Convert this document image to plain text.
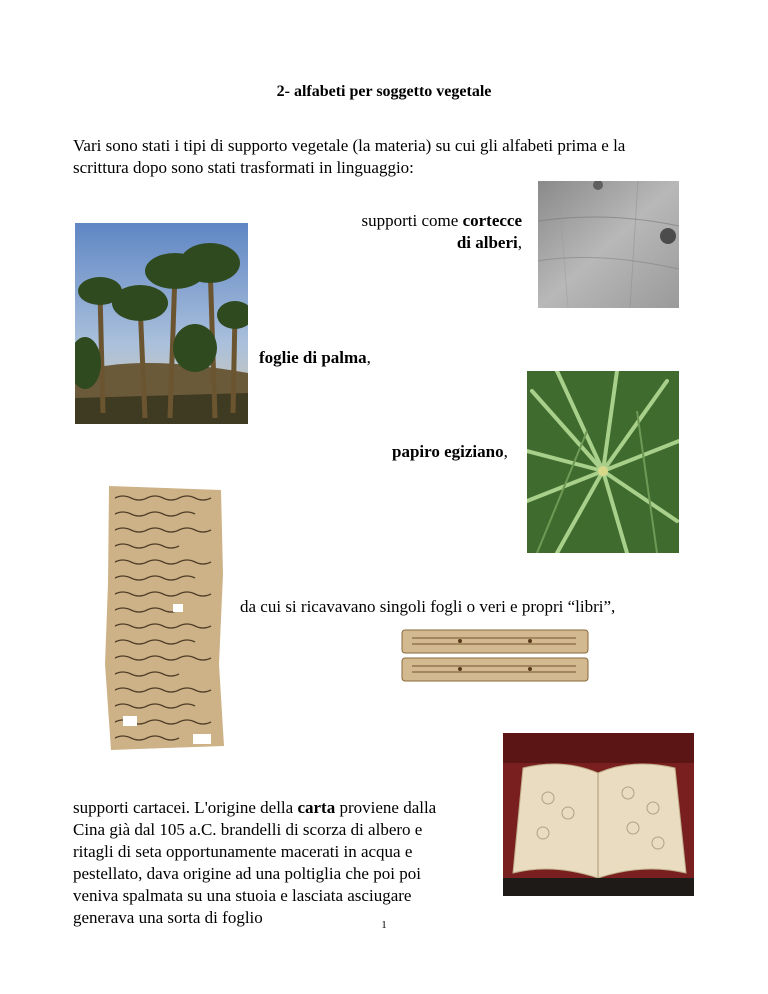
2- alfabeti per soggetto vegetale
Vari sono stati i tipi di supporto vegetale (la materia) su cui gli alfabeti prima e la
scrittura dopo sono stati trasformati in linguaggio:
supporti come cortecce
di alberi,
foglie di palma,
papiro egiziano,
da cui si ricavavano singoli fogli o veri e propri “libri”,
supporti cartacei. L'origine della carta proviene dalla
Cina già dal 105 a.C. brandelli di scorza di albero e
ritagli di seta opportunamente macerati in acqua e
pestellato, dava origine ad una poltiglia che poi poi
veniva spalmata su una stuoia e lasciata asciugare
generava una sorta di foglio	1
